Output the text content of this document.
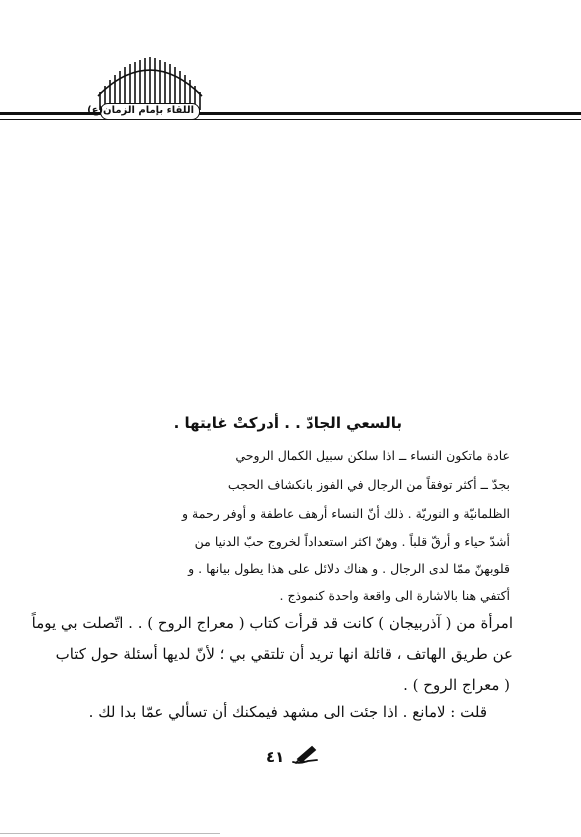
اللقاء بإمام الزمان(ع)
بالسعي الجادّ . . أدركتْ غايتها .
عادة ماتكون النساء ــ اذا سلكن سبيل الكمال الروحي
بجدّ ــ أكثر توفقاً من الرجال في الفوز بانكشاف الحجب
الظلمانيّة و النوريّة . ذلك أنّ النساء أرهف عاطفة و أوفر رحمة و
أشدّ حياء و أرقّ قلباً . وهنّ اكثر استعداداً لخروج حبّ الدنيا من
قلوبهنّ ممّا لدى الرجال . و هناك دلائل على هذا يطول بيانها . و
أكتفي هنا بالاشارة الى واقعة واحدة كنموذج .
امرأة من ( آذربيجان ) كانت قد قرأت كتاب ( معراج الروح ) . . اتّصلت بي يوماً
عن طريق الهاتف ، قائلة انها تريد أن تلتقي بي ؛ لأنّ لديها أسئلة حول كتاب
( معراج الروح ) .
قلت : لامانع . اذا جئت الى مشهد فيمكنك أن تسألي عمّا بدا لك .
٤١
